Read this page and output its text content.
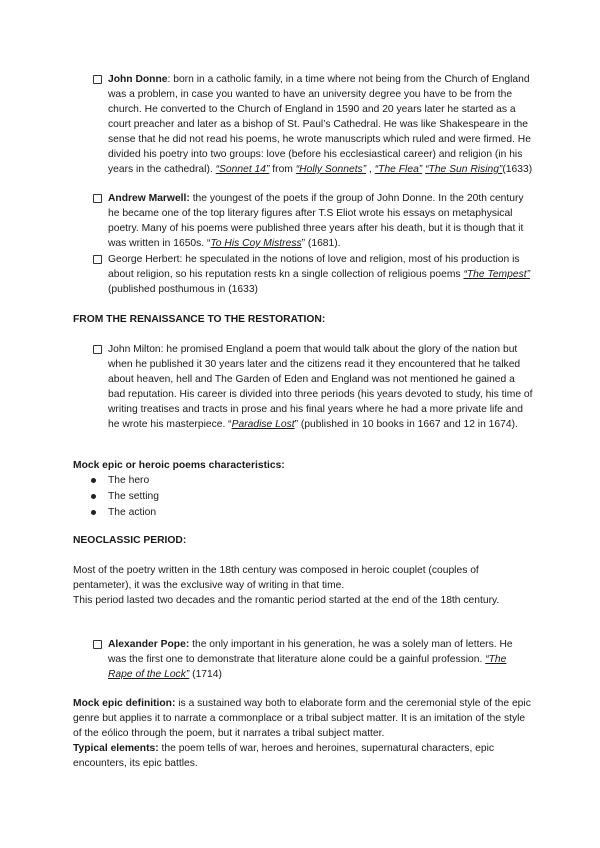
John Donne: born in a catholic family, in a time where not being from the Church of England was a problem, in case you wanted to have an university degree you have to be from the church. He converted to the Church of England in 1590 and 20 years later he started as a court preacher and later as a bishop of St. Paul’s Cathedral. He was like Shakespeare in the sense that he did not read his poems, he wrote manuscripts which ruled and were firmed. He divided his poetry into two groups: love (before his ecclesiastical career) and religion (in his years in the cathedral). “Sonnet 14” from “Holly Sonnets” , “The Flea” “The Sun Rising”(1633)
Andrew Marwell: the youngest of the poets if the group of John Donne. In the 20th century he became one of the top literary figures after T.S Eliot wrote his essays on metaphysical poetry. Many of his poems were published three years after his death, but it is though that it was written in 1650s. “To His Coy Mistress” (1681).
George Herbert: he speculated in the notions of love and religion, most of his production is about religion, so his reputation rests kn a single collection of religious poems “The Tempest” (published posthumous in (1633)
FROM THE RENAISSANCE TO THE RESTORATION:
John Milton: he promised England a poem that would talk about the glory of the nation but when he published it 30 years later and the citizens read it they encountered that he talked about heaven, hell and The Garden of Eden and England was not mentioned he gained a bad reputation. His career is divided into three periods (his years devoted to study, his time of writing treatises and tracts in prose and his final years where he had a more private life and he wrote his masterpiece. “Paradise Lost” (published in 10 books in 1667 and 12 in 1674).
Mock epic or heroic poems characteristics:
The hero
The setting
The action
NEOCLASSIC PERIOD:
Most of the poetry written in the 18th century was composed in heroic couplet (couples of pentameter), it was the exclusive way of writing in that time.
This period lasted two decades and the romantic period started at the end of the 18th century.
Alexander Pope: the only important in his generation, he was a solely man of letters. He was the first one to demonstrate that literature alone could be a gainful profession. “The Rape of the Lock” (1714)
Mock epic definition: is a sustained way both to elaborate form and the ceremonial style of the epic genre but applies it to narrate a commonplace or a tribal subject matter. It is an imitation of the style of the eólico through the poem, but it narrates a tribal subject matter.
Typical elements: the poem tells of war, heroes and heroines, supernatural characters, epic encounters, its epic battles.
